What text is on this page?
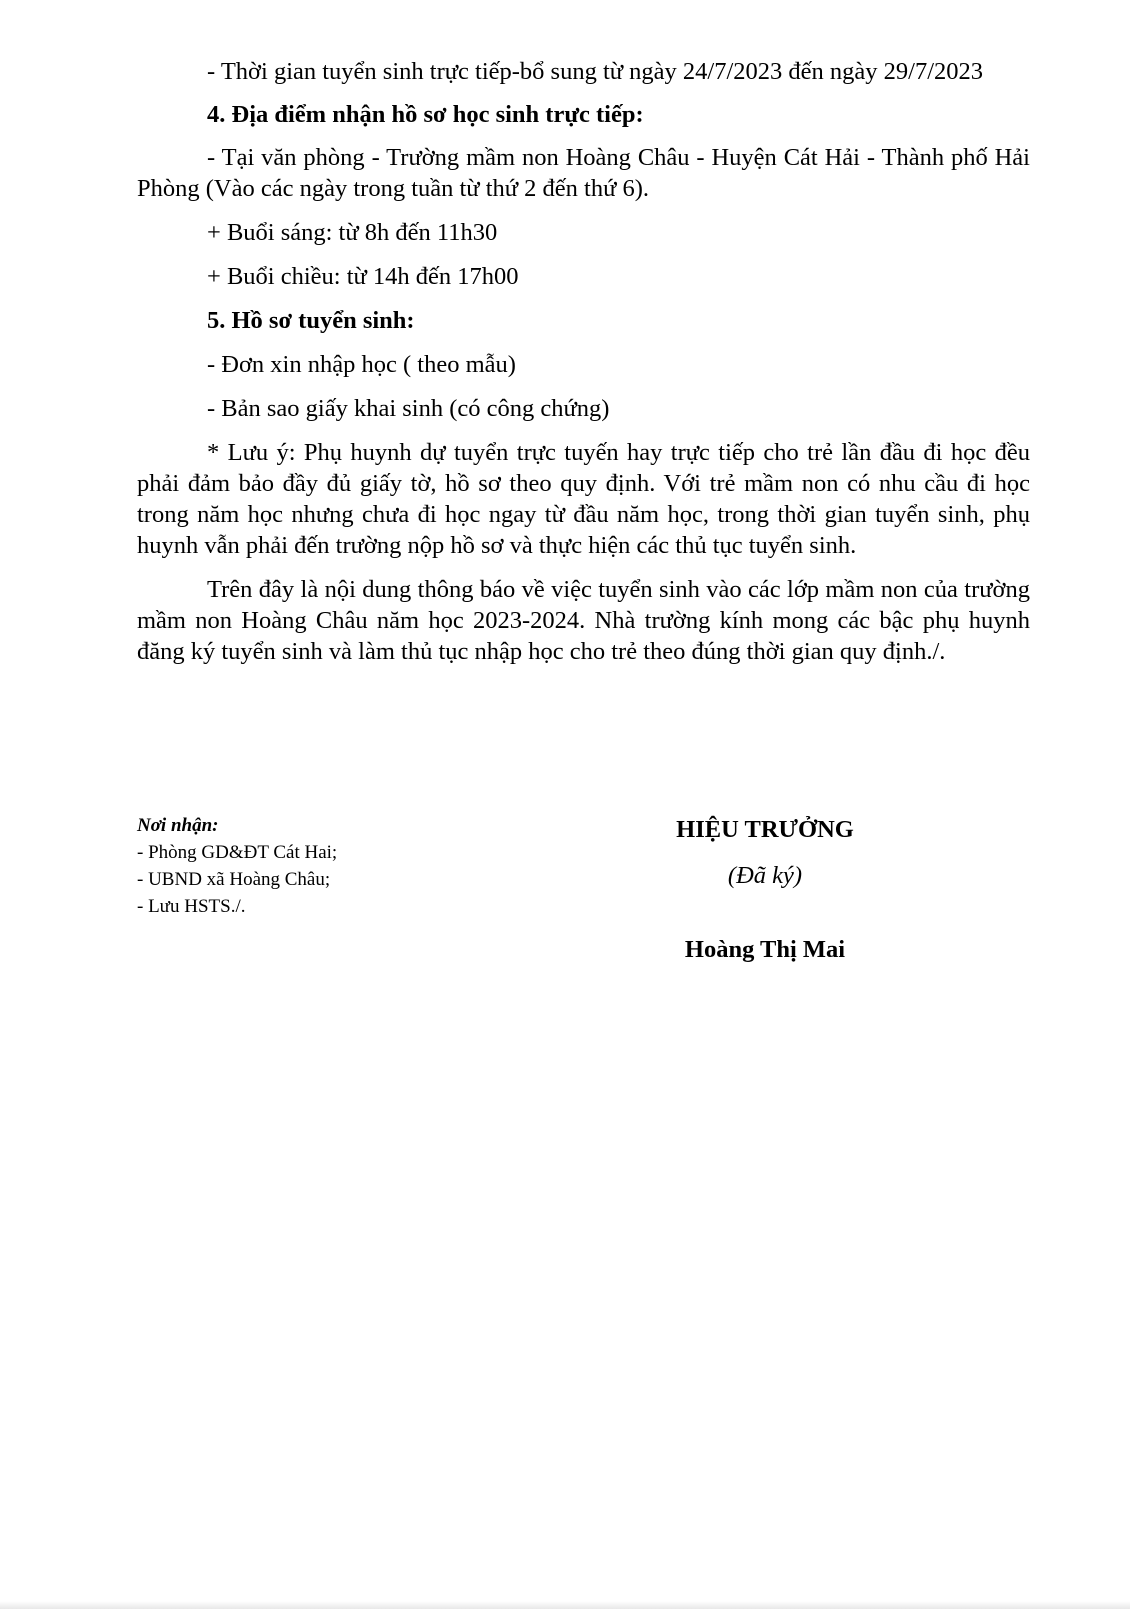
- Thời gian tuyển sinh trực tiếp-bổ sung từ ngày 24/7/2023 đến ngày 29/7/2023

4. Địa điểm nhận hồ sơ học sinh trực tiếp:

- Tại văn phòng - Trường mầm non Hoàng Châu - Huyện Cát Hải - Thành phố Hải Phòng (Vào các ngày trong tuần từ thứ 2 đến thứ 6).

+ Buổi sáng: từ 8h đến 11h30

+ Buổi chiều: từ 14h đến 17h00

5. Hồ sơ tuyển sinh:

- Đơn xin nhập học ( theo mẫu)

- Bản sao giấy khai sinh (có công chứng)

* Lưu ý: Phụ huynh dự tuyển trực tuyến hay trực tiếp cho trẻ lần đầu đi học đều phải đảm bảo đầy đủ giấy tờ, hồ sơ theo quy định. Với trẻ mầm non có nhu cầu đi học trong năm học nhưng chưa đi học ngay từ đầu năm học, trong thời gian tuyển sinh, phụ huynh vẫn phải đến trường nộp hồ sơ và thực hiện các thủ tục tuyển sinh.

Trên đây là nội dung thông báo về việc tuyển sinh vào các lớp mầm non của trường mầm non Hoàng Châu năm học 2023-2024. Nhà trường kính mong các bậc phụ huynh đăng ký tuyển sinh và làm thủ tục nhập học cho trẻ theo đúng thời gian quy định./.

Nơi nhận:

- Phòng GD&ĐT Cát Hai;

- UBND xã Hoàng Châu;

- Lưu HSTS./.

HIỆU TRƯỞNG
(Đã ký)
Hoàng Thị Mai
